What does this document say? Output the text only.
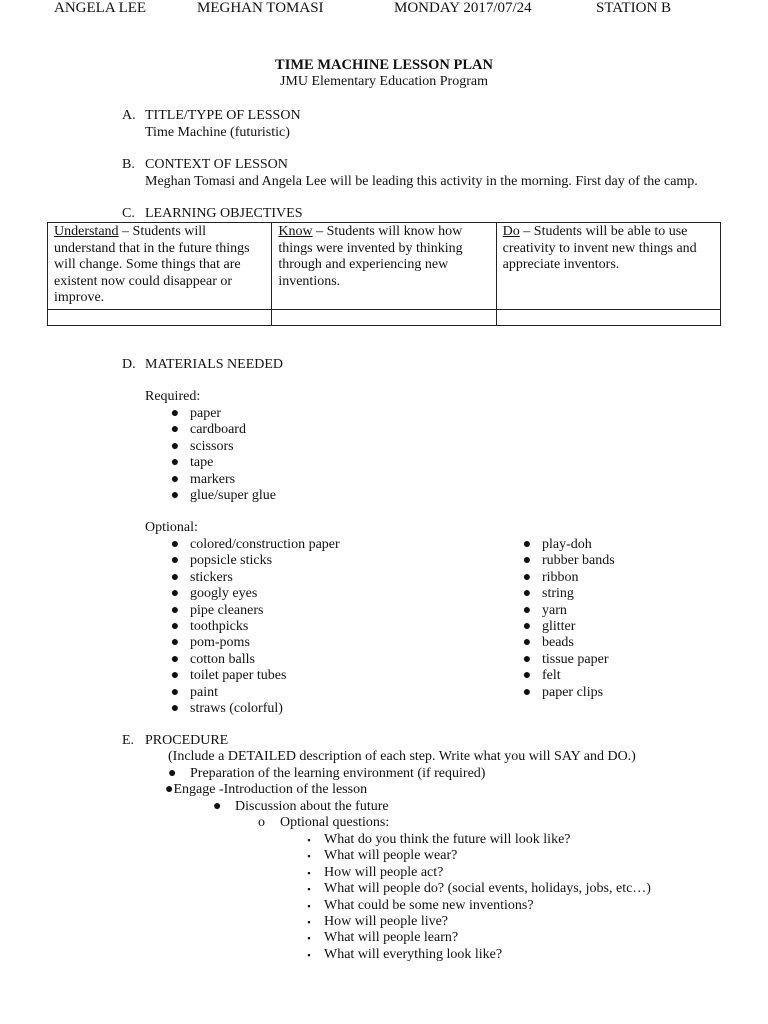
ANGELA LEE	MEGHAN TOMASI	MONDAY 2017/07/24	STATION B
TIME MACHINE LESSON PLAN
JMU Elementary Education Program
A. TITLE/TYPE OF LESSON
Time Machine (futuristic)
B. CONTEXT OF LESSON
Meghan Tomasi and Angela Lee will be leading this activity in the morning. First day of the camp.
C. LEARNING OBJECTIVES
Understand – Students will understand that in the future things will change. Some things that are existent now could disappear or improve.	Know – Students will know how things were invented by thinking through and experiencing new inventions.	Do – Students will be able to use creativity to invent new things and appreciate inventors.

D. MATERIALS NEEDED
Required:
● paper
● cardboard
● scissors
● tape
● markers
● glue/super glue
Optional:
● colored/construction paper
● popsicle sticks
● stickers
● googly eyes
● pipe cleaners
● toothpicks
● pom-poms
● cotton balls
● toilet paper tubes
● paint
● straws (colorful)
● play-doh
● rubber bands
● ribbon
● string
● yarn
● glitter
● beads
● tissue paper
● felt
● paper clips
E. PROCEDURE
(Include a DETAILED description of each step. Write what you will SAY and DO.)
● Preparation of the learning environment (if required)
●Engage -Introduction of the lesson
● Discussion about the future
o Optional questions:
▪ What do you think the future will look like?
▪ What will people wear?
▪ How will people act?
▪ What will people do? (social events, holidays, jobs, etc…)
▪ What could be some new inventions?
▪ How will people live?
▪ What will people learn?
▪ What will everything look like?
